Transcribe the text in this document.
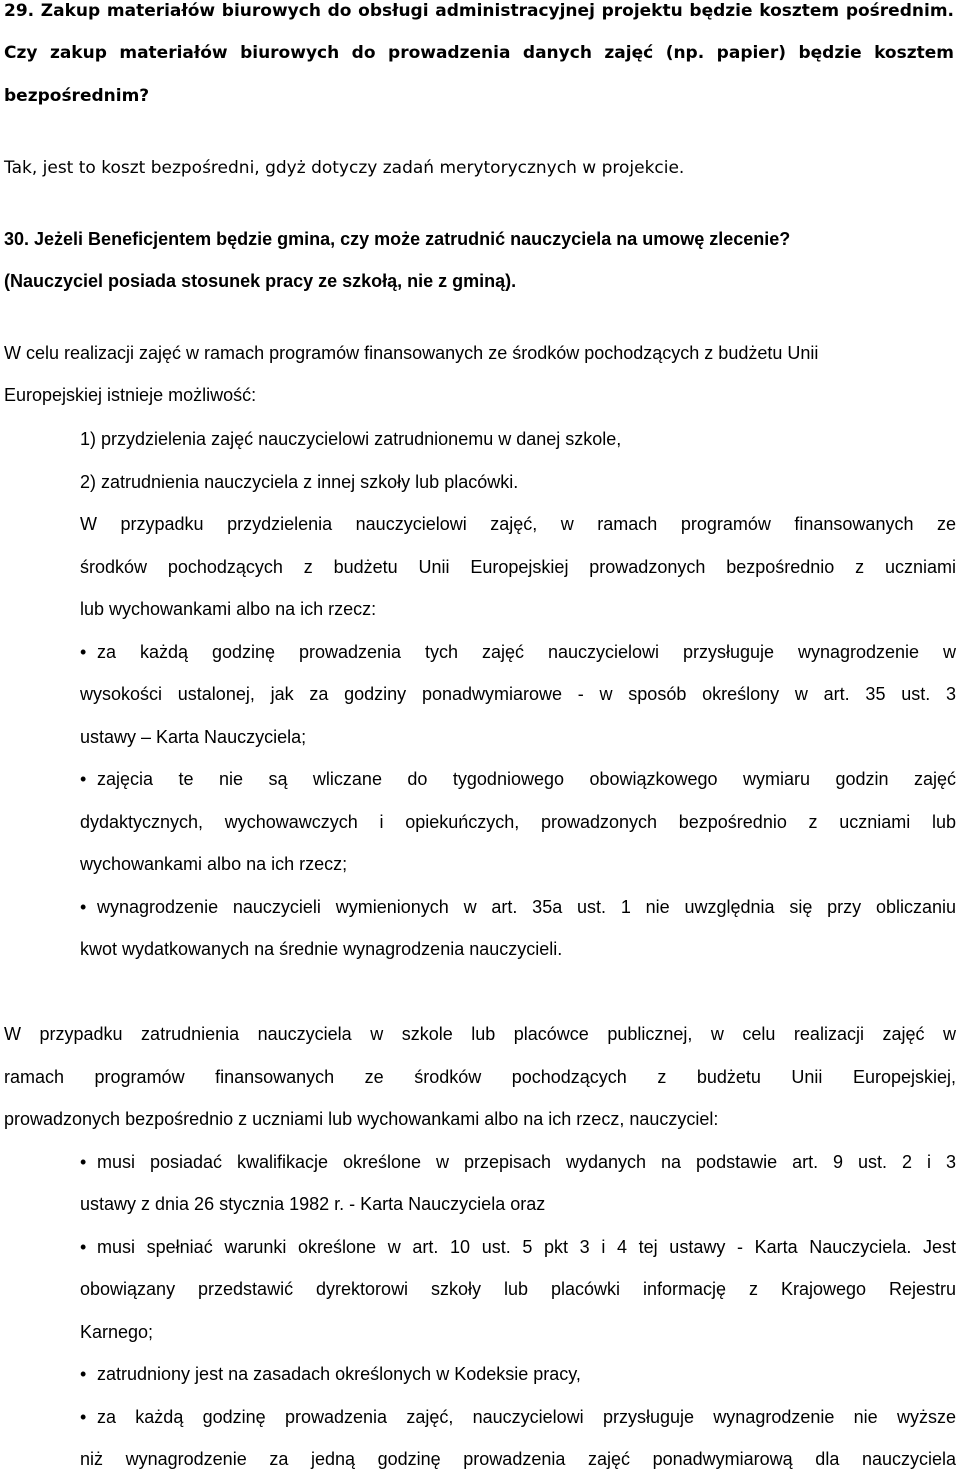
29. Zakup materiałów biurowych do obsługi administracyjnej projektu będzie kosztem pośrednim.
Czy zakup materiałów biurowych do prowadzenia danych zajęć (np. papier) będzie kosztem
bezpośrednim?
Tak, jest to koszt bezpośredni, gdyż dotyczy zadań merytorycznych w projekcie.
30. Jeżeli Beneficjentem będzie gmina, czy może zatrudnić nauczyciela na umowę zlecenie?
(Nauczyciel posiada stosunek pracy ze szkołą, nie z gminą).
W celu realizacji zajęć w ramach programów finansowanych ze środków pochodzących z budżetu Unii
Europejskiej istnieje możliwość:
1) przydzielenia zajęć nauczycielowi zatrudnionemu w danej szkole,
2) zatrudnienia nauczyciela z innej szkoły lub placówki.
W przypadku przydzielenia nauczycielowi zajęć, w ramach programów finansowanych ze
środków pochodzących z budżetu Unii Europejskiej prowadzonych bezpośrednio z uczniami
lub wychowankami albo na ich rzecz:
• za każdą godzinę prowadzenia tych zajęć nauczycielowi przysługuje wynagrodzenie w
wysokości ustalonej, jak za godziny ponadwymiarowe - w sposób określony w art. 35 ust. 3
ustawy – Karta Nauczyciela;
• zajęcia te nie są wliczane do tygodniowego obowiązkowego wymiaru godzin zajęć
dydaktycznych, wychowawczych i opiekuńczych, prowadzonych bezpośrednio z uczniami lub
wychowankami albo na ich rzecz;
• wynagrodzenie nauczycieli wymienionych w art. 35a ust. 1 nie uwzględnia się przy obliczaniu
kwot wydatkowanych na średnie wynagrodzenia nauczycieli.
W przypadku zatrudnienia nauczyciela w szkole lub placówce publicznej, w celu realizacji zajęć w
ramach programów finansowanych ze środków pochodzących z budżetu Unii Europejskiej,
prowadzonych bezpośrednio z uczniami lub wychowankami albo na ich rzecz, nauczyciel:
• musi posiadać kwalifikacje określone w przepisach wydanych na podstawie art. 9 ust. 2 i 3
ustawy z dnia 26 stycznia 1982 r. - Karta Nauczyciela oraz
• musi spełniać warunki określone w art. 10 ust. 5 pkt 3 i 4 tej ustawy - Karta Nauczyciela. Jest
obowiązany przedstawić dyrektorowi szkoły lub placówki informację z Krajowego Rejestru
Karnego;
• zatrudniony jest na zasadach określonych w Kodeksie pracy,
• za każdą godzinę prowadzenia zajęć, nauczycielowi przysługuje wynagrodzenie nie wyższe
niż wynagrodzenie za jedną godzinę prowadzenia zajęć ponadwymiarową dla nauczyciela
